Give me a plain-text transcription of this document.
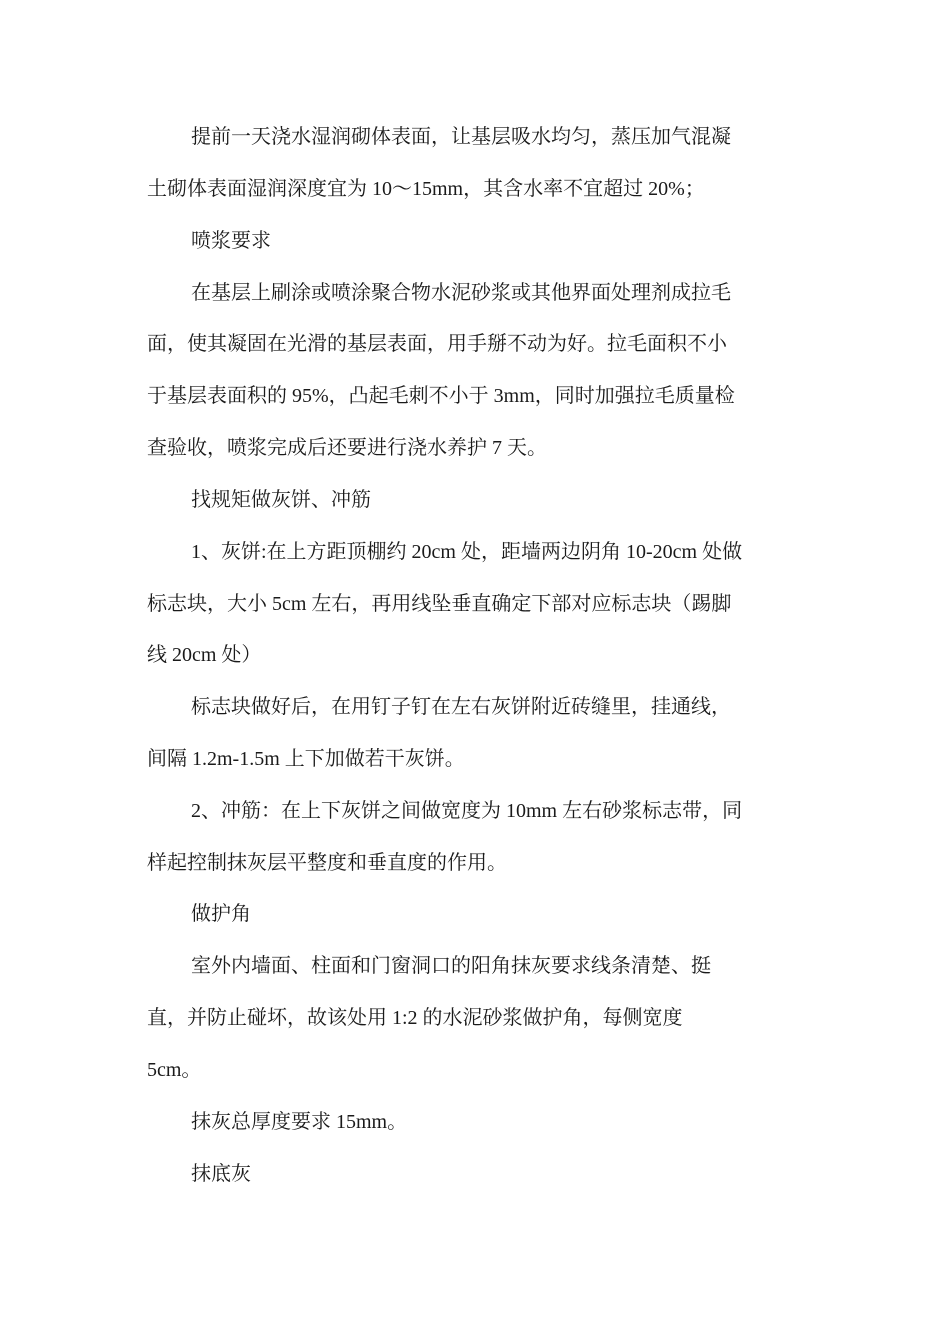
提前一天浇水湿润砌体表面，让基层吸水均匀，蒸压加气混凝

土砌体表面湿润深度宜为 10～15mm，其含水率不宜超过 20%；

喷浆要求

在基层上刷涂或喷涂聚合物水泥砂浆或其他界面处理剂成拉毛

面，使其凝固在光滑的基层表面，用手掰不动为好。拉毛面积不小

于基层表面积的 95%，凸起毛刺不小于 3mm，同时加强拉毛质量检

查验收，喷浆完成后还要进行浇水养护 7 天。

找规矩做灰饼、冲筋

1、灰饼:在上方距顶棚约 20cm 处，距墙两边阴角 10-20cm 处做

标志块，大小 5cm 左右，再用线坠垂直确定下部对应标志块（踢脚

线 20cm 处）

标志块做好后，在用钉子钉在左右灰饼附近砖缝里，挂通线，

间隔 1.2m-1.5m 上下加做若干灰饼。

2、冲筋：在上下灰饼之间做宽度为 10mm 左右砂浆标志带，同

样起控制抹灰层平整度和垂直度的作用。

做护角

室外内墙面、柱面和门窗洞口的阳角抹灰要求线条清楚、挺

直，并防止碰坏，故该处用 1:2 的水泥砂浆做护角，每侧宽度

5cm。

抹灰总厚度要求 15mm。

抹底灰
